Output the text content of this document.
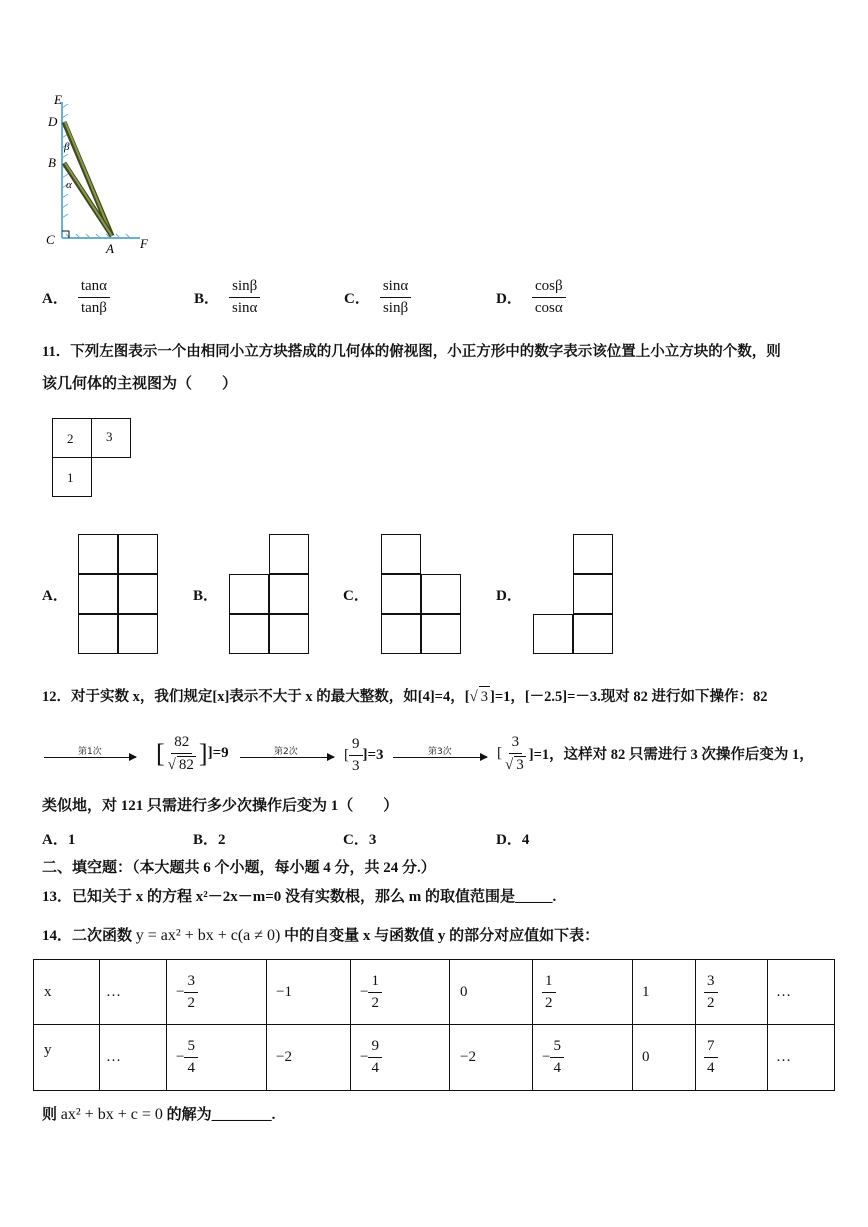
E
D
B
C
A F
β
α
A． $\frac{\tan\alpha}{\tan\beta}$	B． $\frac{\sin\beta}{\sin\alpha}$	C． $\frac{\sin\alpha}{\sin\beta}$	D． $\frac{\cos\beta}{\cos\alpha}$
11．下列左图表示一个由相同小立方块搭成的几何体的俯视图，小正方形中的数字表示该位置上小立方块的个数，则
该几何体的主视图为（　　）
2	3
1
A．	B．	C．	D．
12．对于实数 x，我们规定[x]表示不大于 x 的最大整数，如[4]=4，[√ 3 ]=1，[－2.5]=－3.现对 82 进行如下操作：82
第1次 [ $\frac{82}{√ 82}$ ] ]=9	第2次	[ $\frac{9}{3} ]=3$	第3次	[ $\frac{3}{√ 3} ]=1$，这样对 82 只需进行 3 次操作后变为 1，
类似地，对 121 只需进行多少次操作后变为 1（　　）
A．1	B．2	C．3	D．4
二、填空题：（本大题共 6 个小题，每小题 4 分，共 24 分.）
13．已知关于 x 的方程 x²－2x－m=0 没有实数根，那么 m 的取值范围是_____.
14．二次函数 y = ax² + bx + c(a ≠ 0) 中的自变量 x 与函数值 y 的部分对应值如下表：
x	…	− $\frac{3}{2}$	−1	− $\frac{1}{2}$	0	$\frac{1}{2}$	1	$\frac{3}{2}$	…
y	…	− $\frac{5}{4}$	−2	− $\frac{9}{4}$	−2	− $\frac{5}{4}$	0	$\frac{7}{4}$	…
则 ax² + bx + c = 0 的解为________.
